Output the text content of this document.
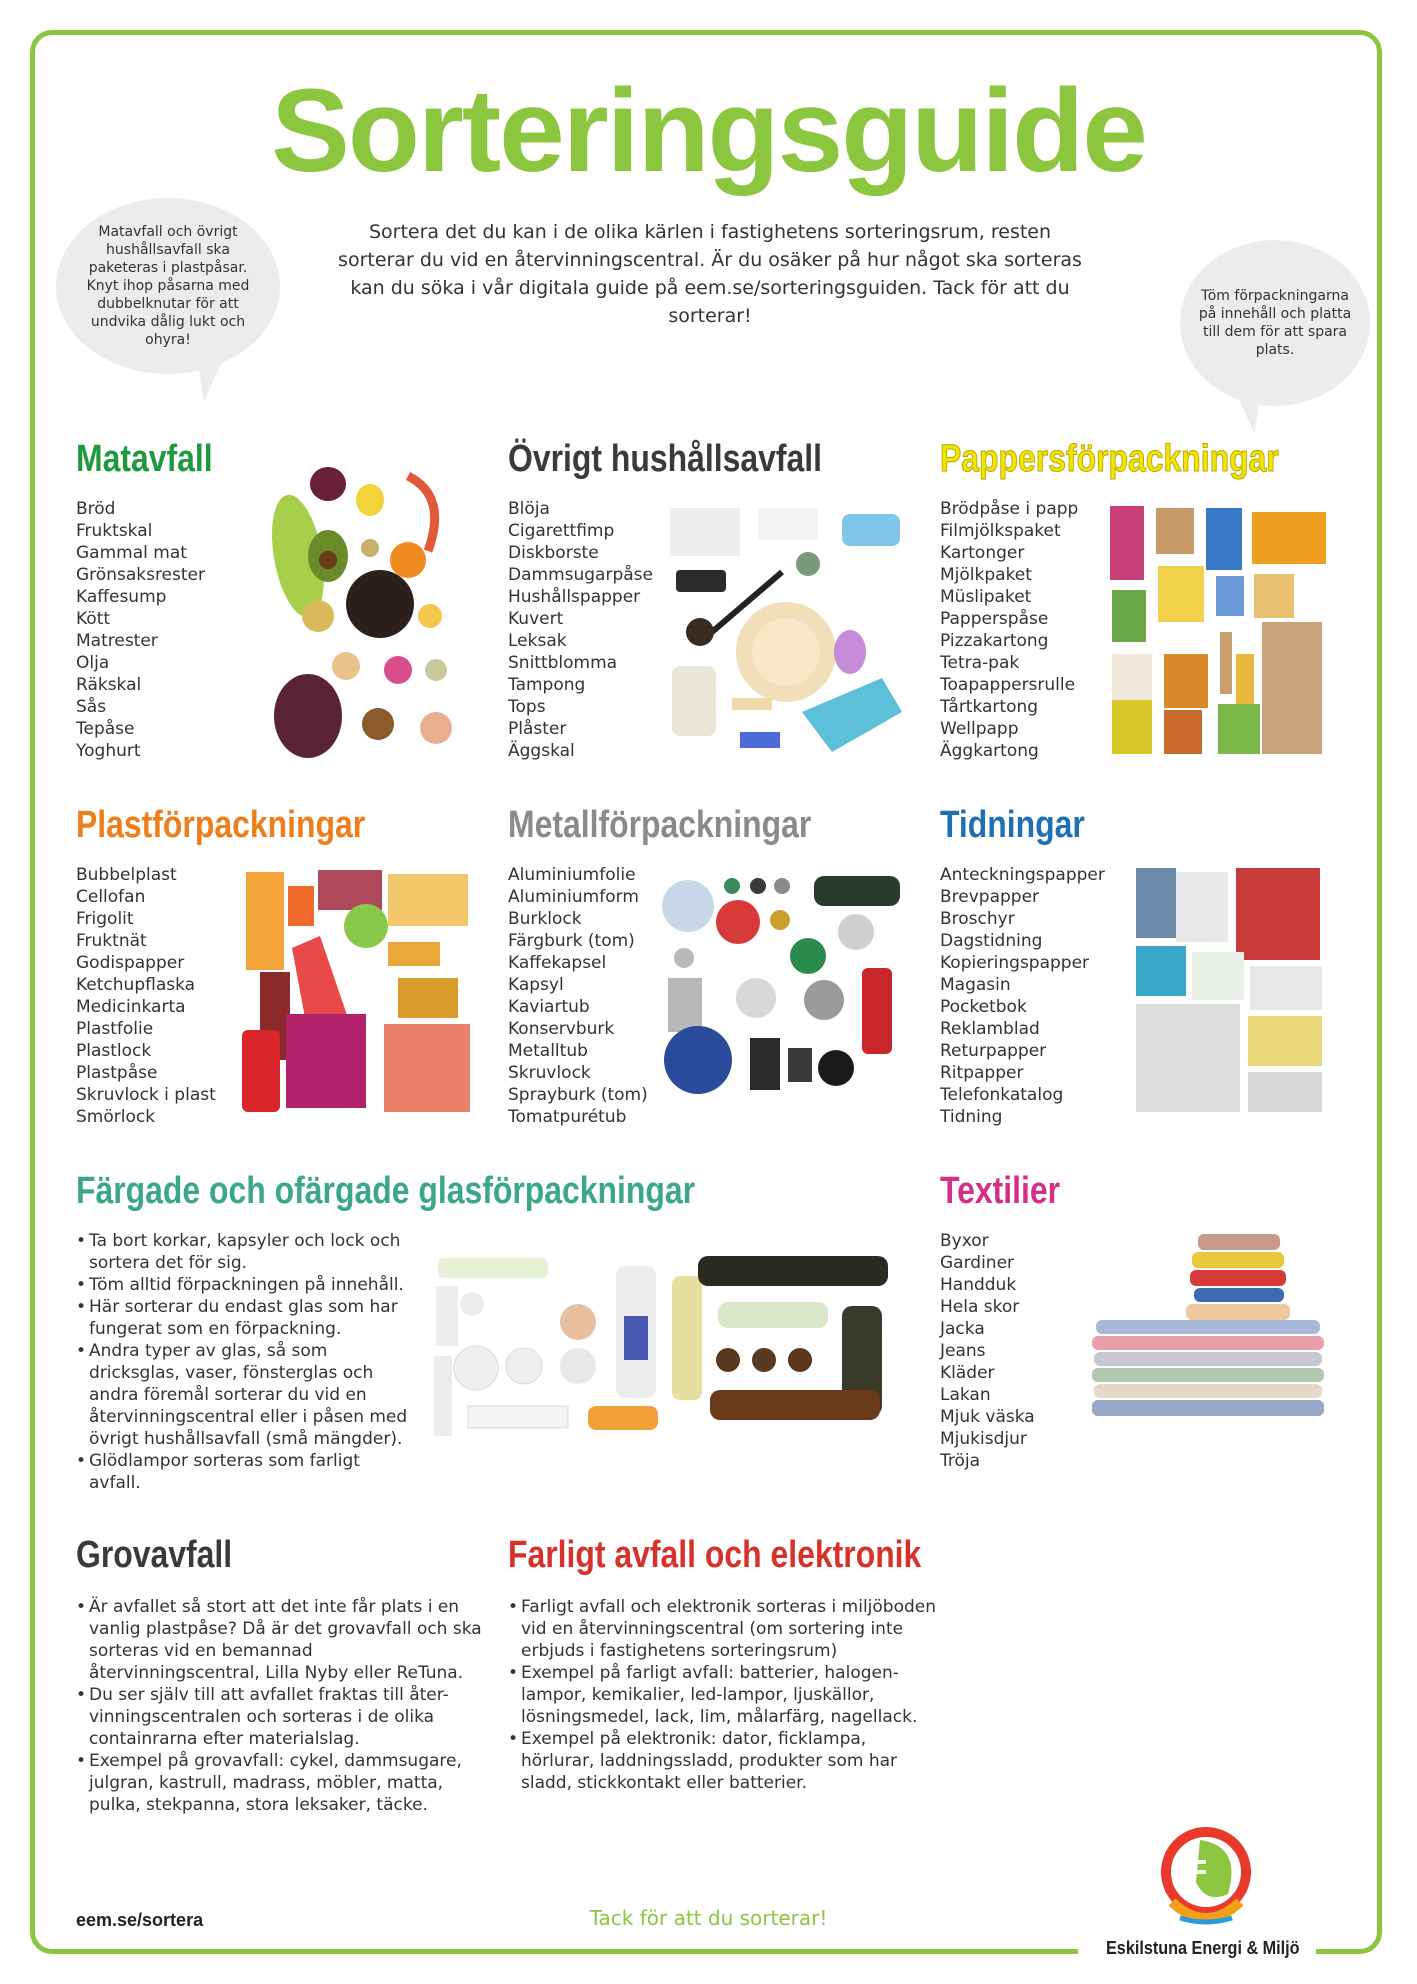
Sorteringsguide

Sortera det du kan i de olika kärlen i fastighetens sorteringsrum, resten sorterar du vid en återvinningscentral. Är du osäker på hur något ska sorteras kan du söka i vår digitala guide på eem.se/sorteringsguiden. Tack för att du sorterar!

Matavfall och övrigt hushållsavfall ska paketeras i plastpåsar. Knyt ihop påsarna med dubbelknutar för att undvika dålig lukt och ohyra!
Töm förpackningarna på innehåll och platta till dem för att spara plats.
Matavfall
Bröd
Fruktskal
Gammal mat
Grönsaksrester
Kaffesump
Kött
Matrester
Olja
Räkskal
Sås
Tepåse
Yoghurt
Övrigt hushållsavfall
Blöja
Cigarettfimp
Diskborste
Dammsugarpåse
Hushållspapper
Kuvert
Leksak
Snittblomma
Tampong
Tops
Plåster
Äggskal
Pappersförpackningar
Brödpåse i papp
Filmjölkspaket
Kartonger
Mjölkpaket
Müslipaket
Papperspåse
Pizzakartong
Tetra-pak
Toapappersrulle
Tårtkartong
Wellpapp
Äggkartong
Plastförpackningar
Bubbelplast
Cellofan
Frigolit
Fruktnät
Godispapper
Ketchupflaska
Medicinkarta
Plastfolie
Plastlock
Plastpåse
Skruvlock i plast
Smörlock
Metallförpackningar
Aluminiumfolie
Aluminiumform
Burklock
Färgburk (tom)
Kaffekapsel
Kapsyl
Kaviartub
Konservburk
Metalltub
Skruvlock
Sprayburk (tom)
Tomatpurétub
Tidningar
Anteckningspapper
Brevpapper
Broschyr
Dagstidning
Kopieringspapper
Magasin
Pocketbok
Reklamblad
Returpapper
Ritpapper
Telefonkatalog
Tidning
Färgade och ofärgade glasförpackningar
• Ta bort korkar, kapsyler och lock och sortera det för sig.
• Töm alltid förpackningen på innehåll.
• Här sorterar du endast glas som har fungerat som en förpackning.
• Andra typer av glas, så som dricksglas, vaser, fönsterglas och andra föremål sorterar du vid en återvinningscentral eller i påsen med övrigt hushållsavfall (små mängder).
• Glödlampor sorteras som farligt avfall.
Textilier
Byxor
Gardiner
Handduk
Hela skor
Jacka
Jeans
Kläder
Lakan
Mjuk väska
Mjukisdjur
Tröja
Grovavfall
• Är avfallet så stort att det inte får plats i en vanlig plastpåse? Då är det grovavfall och ska sorteras vid en bemannad återvinningscentral, Lilla Nyby eller ReTuna.
• Du ser själv till att avfallet fraktas till åter-vinningscentralen och sorteras i de olika containrarna efter materialslag.
• Exempel på grovavfall: cykel, dammsugare, julgran, kastrull, madrass, möbler, matta, pulka, stekpanna, stora leksaker, täcke.
Farligt avfall och elektronik
• Farligt avfall och elektronik sorteras i miljöboden vid en återvinningscentral (om sortering inte erbjuds i fastighetens sorteringsrum)
• Exempel på farligt avfall: batterier, halogen-lampor, kemikalier, led-lampor, ljuskällor, lösningsmedel, lack, lim, målarfärg, nagellack.
• Exempel på elektronik: dator, ficklampa, hörlurar, laddningssladd, produkter som har sladd, stickkontakt eller batterier.
eem.se/sortera	Tack för att du sorterar!
Eskilstuna Energi & Miljö
